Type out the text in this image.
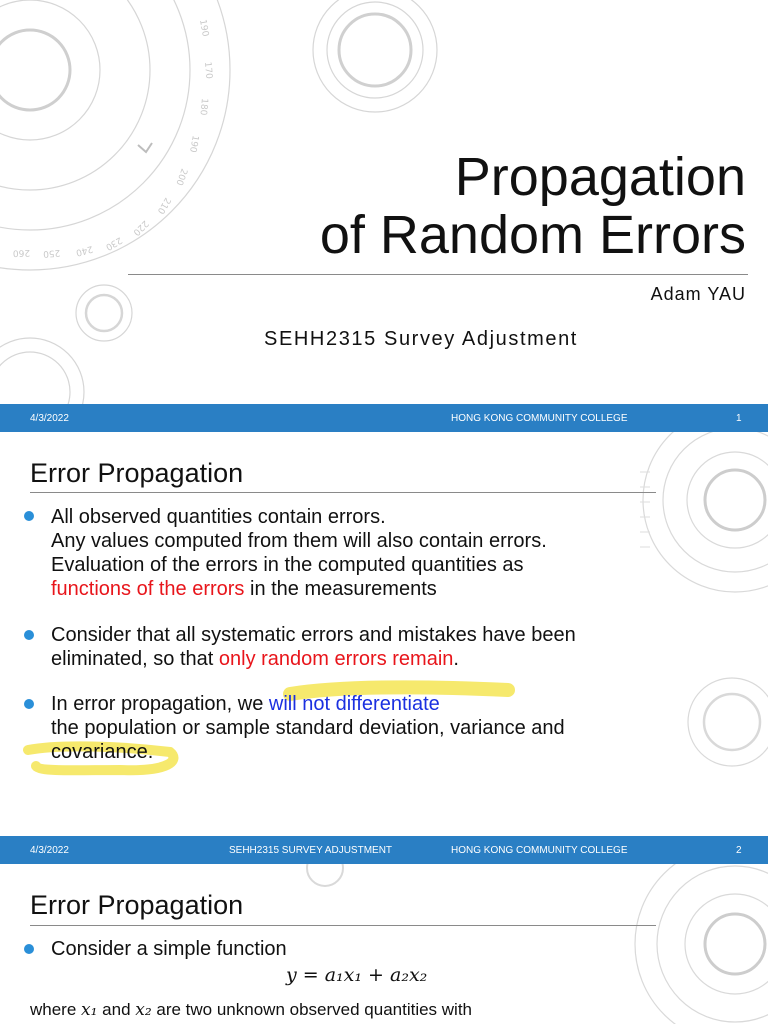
190
170
180
190
200
210
220
230
240
250
260
Propagation
of Random Errors
Adam YAU
SEHH2315 Survey Adjustment
4/3/2022	HONG KONG COMMUNITY COLLEGE	1
Error Propagation
All observed quantities contain errors.
Any values computed from them will also contain errors.
Evaluation of the errors in the computed quantities as
functions of the errors in the measurements
Consider that all systematic errors and mistakes have been
eliminated, so that only random errors remain.
In error propagation, we will not differentiate
the population or sample standard deviation, variance and
covariance.
4/3/2022	SEHH2315 SURVEY ADJUSTMENT	HONG KONG COMMUNITY COLLEGE	2
Error Propagation
Consider a simple function
y = a₁x₁ + a₂x₂
where x₁ and x₂ are two unknown observed quantities with
